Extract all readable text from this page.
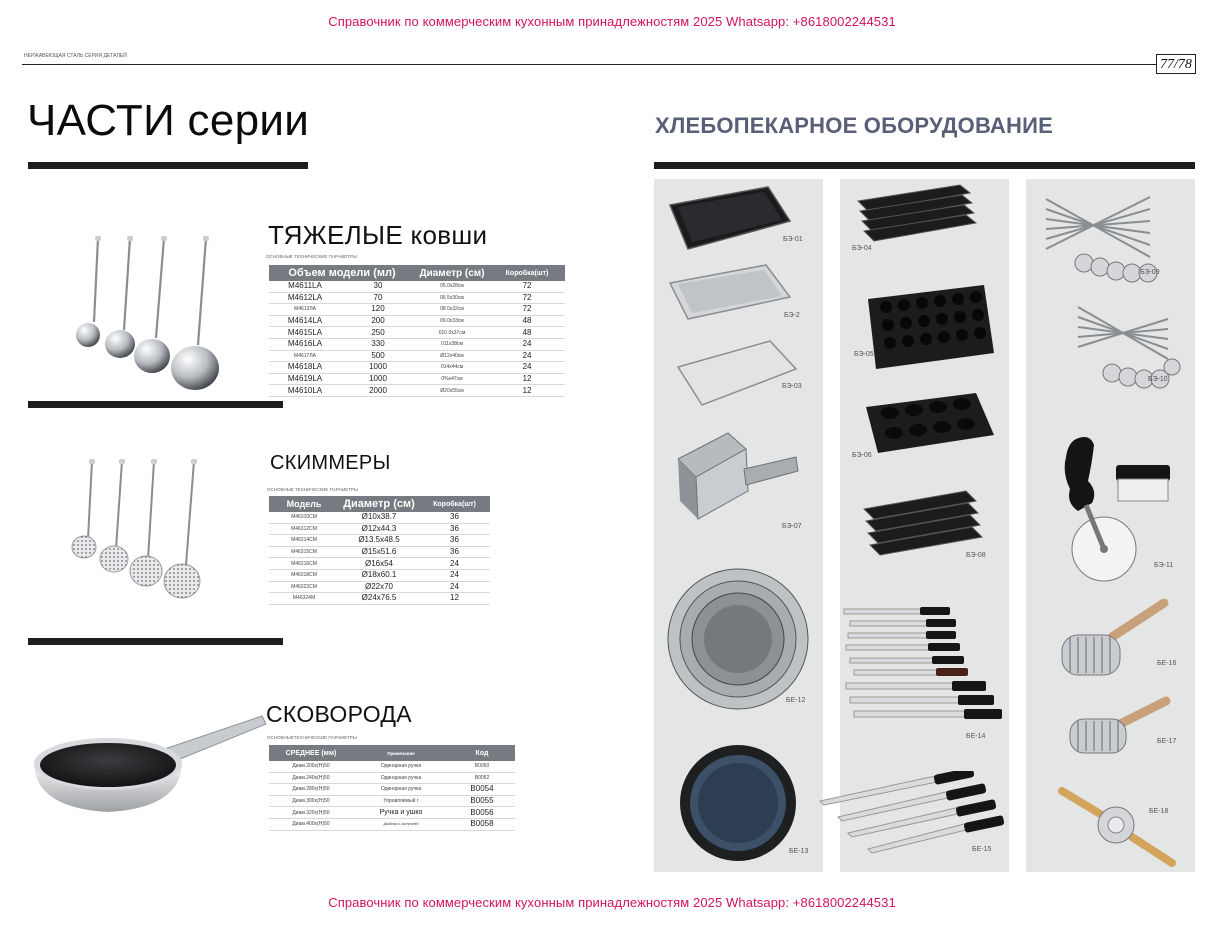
Справочник по коммерческим кухонным принадлежностям 2025 Whatsapp: +8618002244531
НЕРЖАВЕЮЩАЯ СТАЛЬ СЕРИЯ ДЕТАЛЕЙ
77/78
ЧАСТИ серии	ХЛЕБОПЕКАРНОЕ ОБОРУДОВАНИЕ
ТЯЖЕЛЫЕ ковши
ОСНОВНЫЕ ТЕХНИЧЕСКИЕ ПАРАМЕТРЫ
Объем модели (мл)		Диаметр (см)	Коробка(шт)
M4611LA	30	05.0x28см	72
M4612LA	70	06.5x30см	72
M4613ЛА	120	08.0x32см	72
M4614LA	200	09.0x33см	48
M4615LA	250	010.0x37см	48
M4616LA	330	011x38см	24
M4617ЛА	500	Ø12x40см	24
M4618LA	1000	014x44см	24
M4619LA	1000	0%x47см	12
M4610LA	2000	Ø20x55см	12
СКИММЕРЫ
ОСНОВНЫЕ ТЕХНИЧЕСКИЕ ПАРАМЕТРЫ
Модель	Диаметр (см)	Коробка(шт)
M46310CM	Ø10x38.7	36
M46312CM	Ø12x44.3	36
M46314CM	Ø13.5x48.5	36
M46315CM	Ø15x51.6	36
M46316CM	Ø16x54	24
M46318CM	Ø18x60.1	24
M46322CM	Ø22x70	24
M46324M	Ø24x76.5	12
СКОВОРОДА
ОСНОВНЫЕТЕХНИЧЕСКИЕ ПАРАМЕТРЫ
СРЕДНЕЕ (мм)	Примечание	Код
Диам.200x(H)50	Одинарная ручка	B0050
Диам.240x(H)50	Одинарная ручка	B0052
Диам.280x(H)50	Одинарная ручка	B0054
Диам.300x(H)50	Управляемый г	B0055
Диам.320x(H)50	Ручка и ушко	B0056
Диам.400x(H)50	Двойная с кастрюлей	B0058
БЭ-01
БЭ-2
БЭ-03
БЭ-07
БЕ-12
БЕ-13
БЭ-04
БЭ-05
БЭ-06
БЭ-08
БЕ-14
БЕ-15
БЭ-09
БЭ-10
БЭ-11
БЕ-16
БЕ-17
БЕ-18
Справочник по коммерческим кухонным принадлежностям 2025 Whatsapp: +8618002244531
